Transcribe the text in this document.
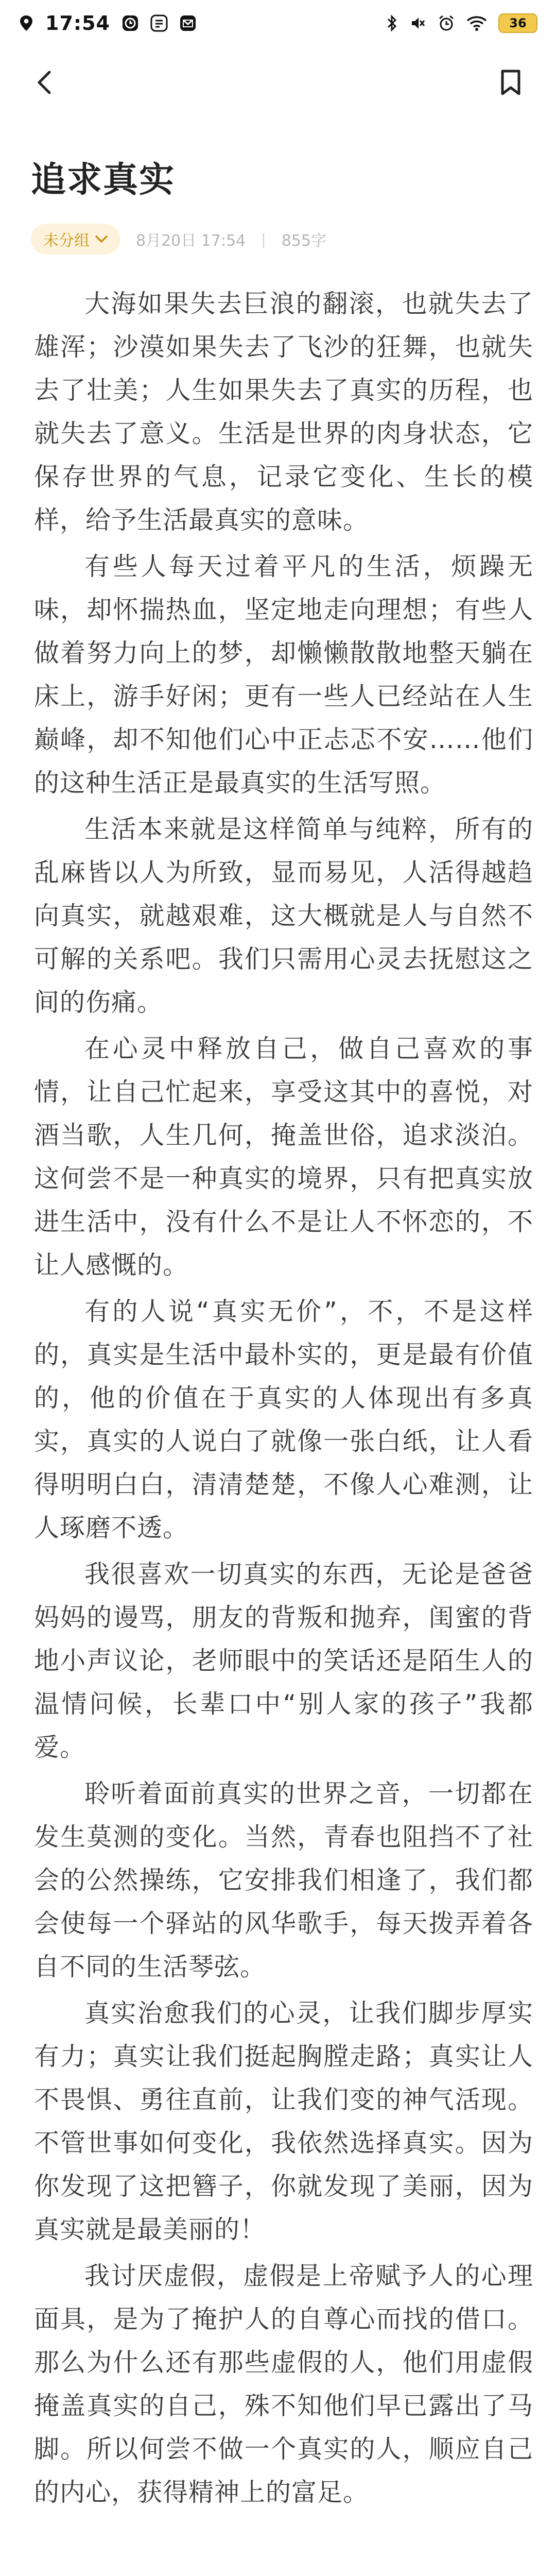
17:54	36
追求真实
未分组	8月20日 17:54 | 855字

大海如果失去巨浪的翻滚，也就失去了雄浑；沙漠如果失去了飞沙的狂舞，也就失去了壮美；人生如果失去了真实的历程，也就失去了意义。生活是世界的肉身状态，它保存世界的气息，记录它变化、生长的模样，给予生活最真实的意味。

有些人每天过着平凡的生活，烦躁无味，却怀揣热血，坚定地走向理想；有些人做着努力向上的梦，却懒懒散散地整天躺在床上，游手好闲；更有一些人已经站在人生巅峰，却不知他们心中正忐忑不安……他们的这种生活正是最真实的生活写照。

生活本来就是这样简单与纯粹，所有的乱麻皆以人为所致，显而易见，人活得越趋向真实，就越艰难，这大概就是人与自然不可解的关系吧。我们只需用心灵去抚慰这之间的伤痛。

在心灵中释放自己，做自己喜欢的事情，让自己忙起来，享受这其中的喜悦，对酒当歌，人生几何，掩盖世俗，追求淡泊。这何尝不是一种真实的境界，只有把真实放进生活中，没有什么不是让人不怀恋的，不让人感慨的。

有的人说“真实无价”，不，不是这样的，真实是生活中最朴实的，更是最有价值的，他的价值在于真实的人体现出有多真实，真实的人说白了就像一张白纸，让人看得明明白白，清清楚楚，不像人心难测，让人琢磨不透。

我很喜欢一切真实的东西，无论是爸爸妈妈的谩骂，朋友的背叛和抛弃，闺蜜的背地小声议论，老师眼中的笑话还是陌生人的温情问候，长辈口中“别人家的孩子”我都爱。

聆听着面前真实的世界之音，一切都在发生莫测的变化。当然，青春也阻挡不了社会的公然操练，它安排我们相逢了，我们都会使每一个驿站的风华歌手，每天拨弄着各自不同的生活琴弦。

真实治愈我们的心灵，让我们脚步厚实有力；真实让我们挺起胸膛走路；真实让人不畏惧、勇往直前，让我们变的神气活现。不管世事如何变化，我依然选择真实。因为你发现了这把簪子，你就发现了美丽，因为真实就是最美丽的！

我讨厌虚假，虚假是上帝赋予人的心理面具，是为了掩护人的自尊心而找的借口。那么为什么还有那些虚假的人，他们用虚假掩盖真实的自己，殊不知他们早已露出了马脚。所以何尝不做一个真实的人，顺应自己的内心，获得精神上的富足。
